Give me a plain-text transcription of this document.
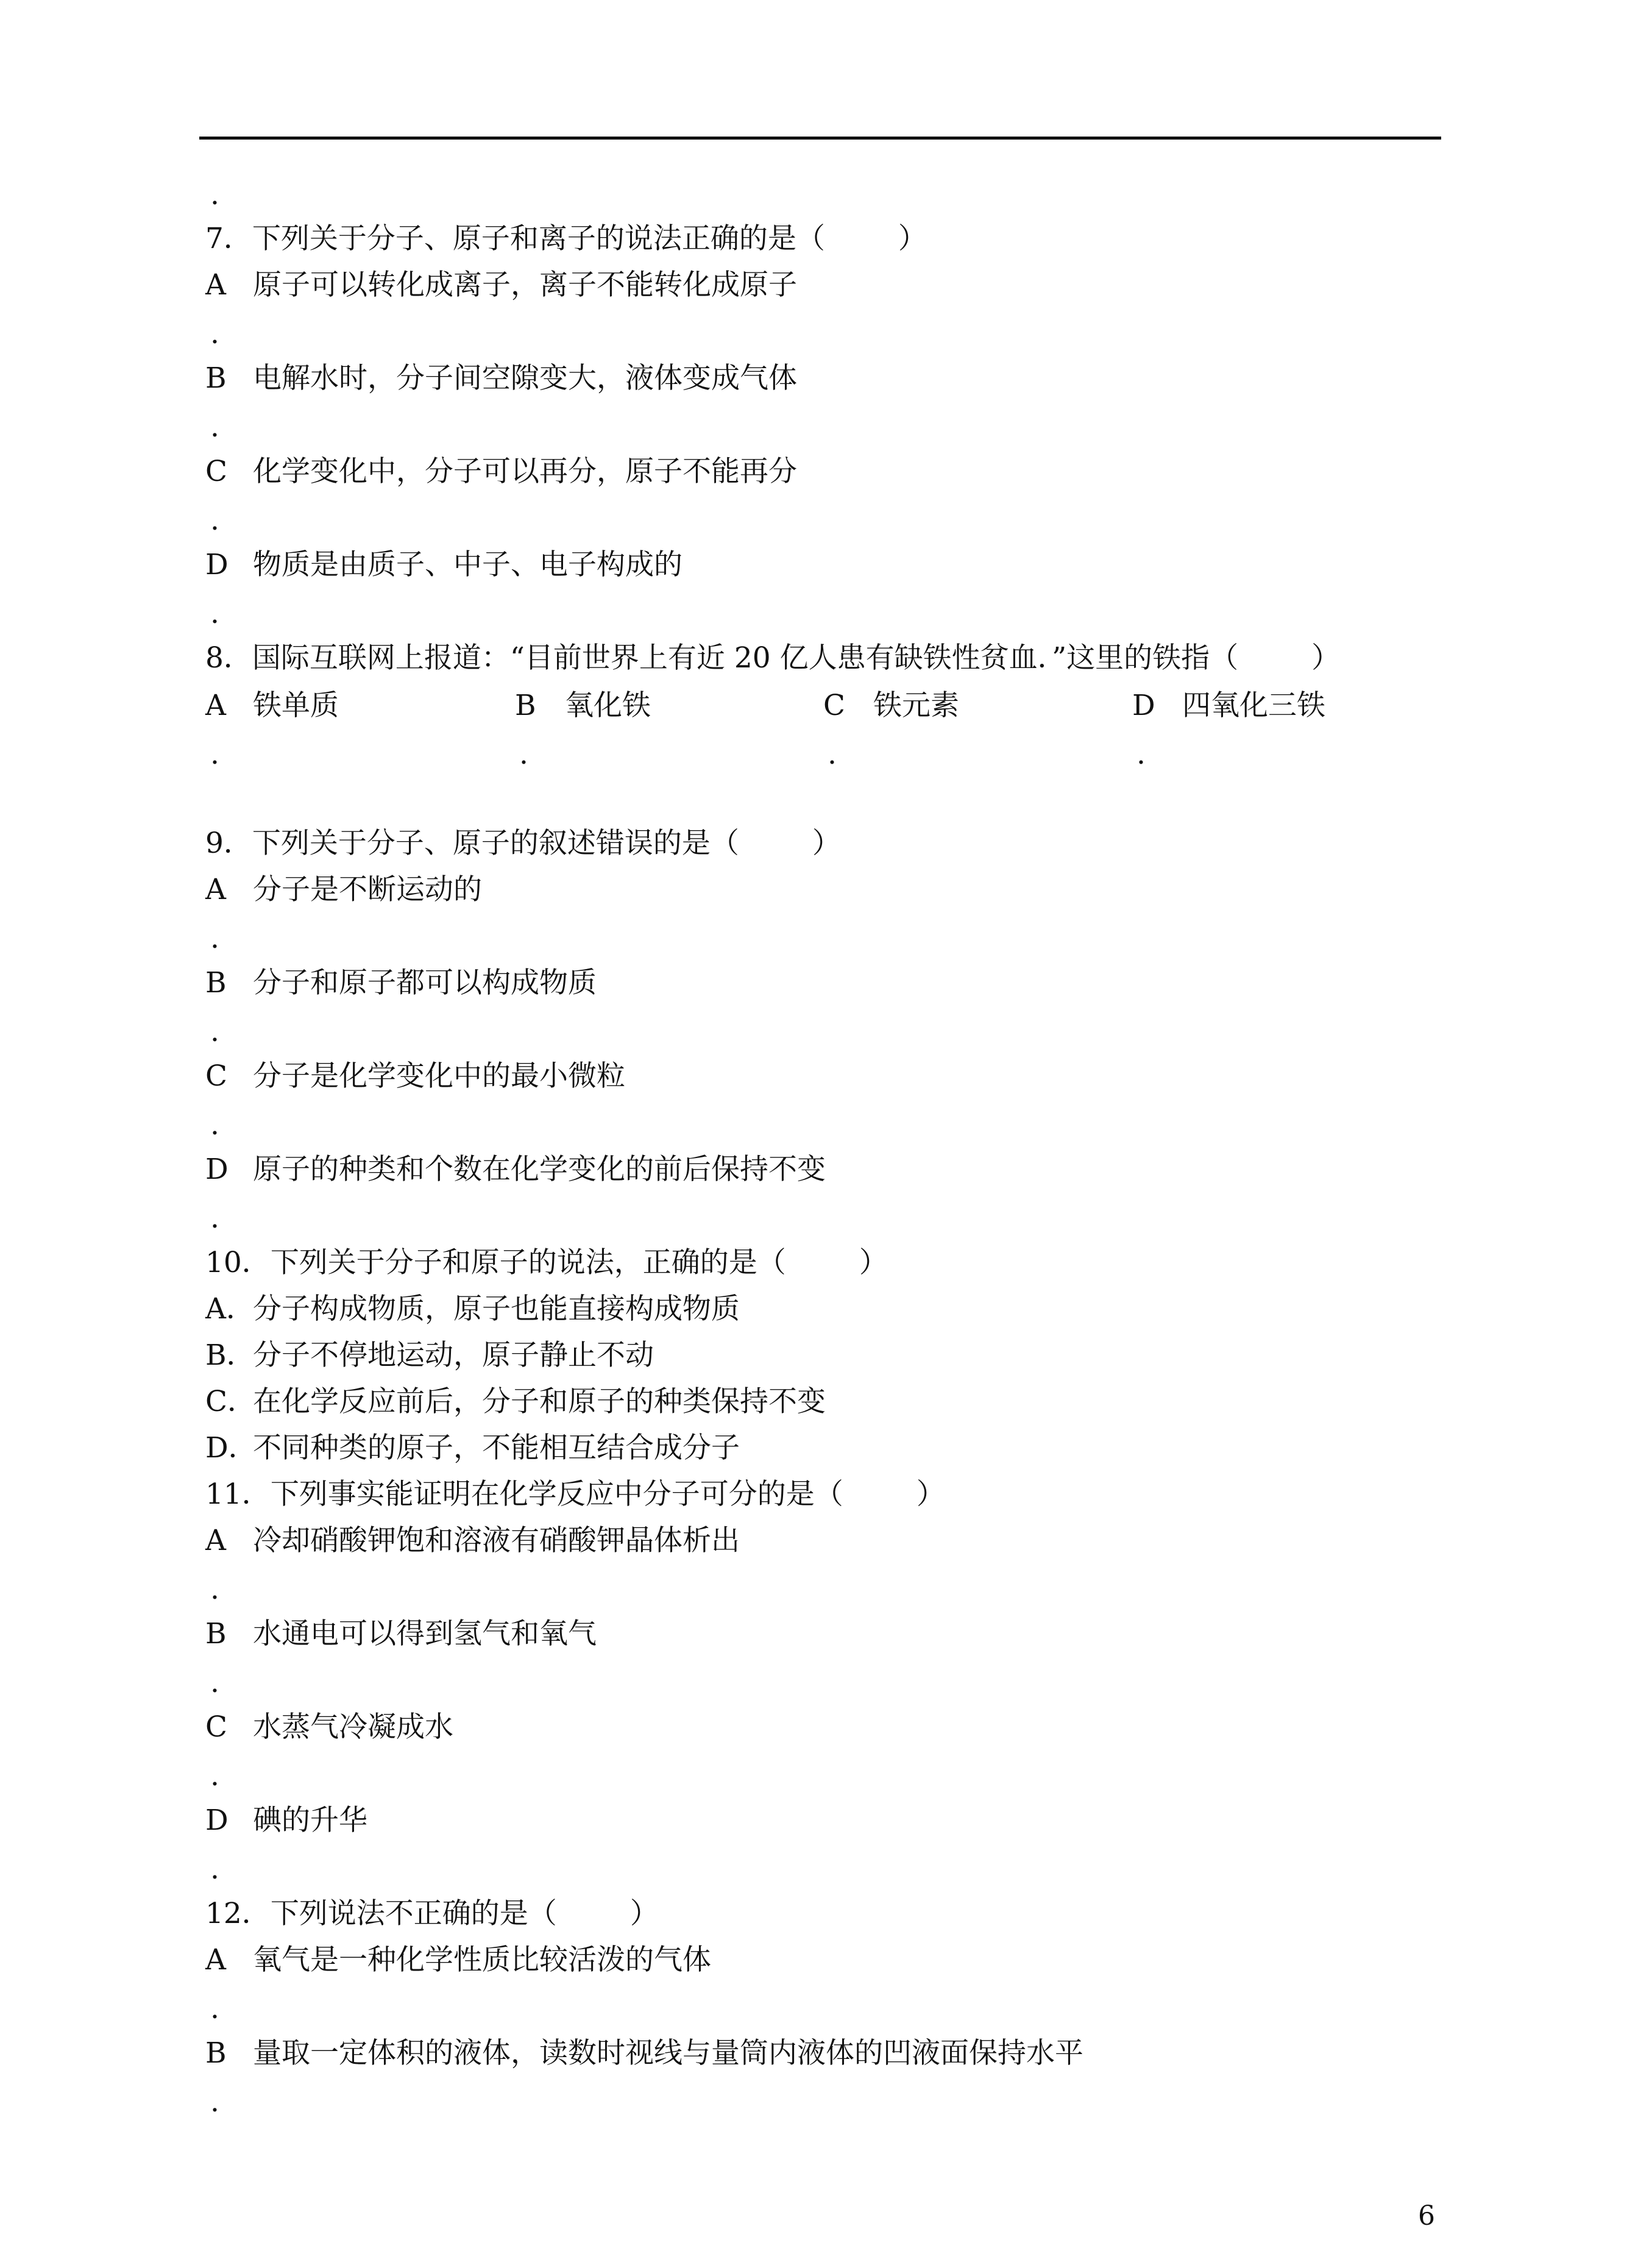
.
7．下列关于分子、原子和离子的说法正确的是（	）
A 原子可以转化成离子，离子不能转化成原子
.
B 电解水时，分子间空隙变大，液体变成气体
.
C 化学变化中，分子可以再分，原子不能再分
.
D 物质是由质子、中子、电子构成的
.
8．国际互联网上报道：“目前世界上有近 20 亿人患有缺铁性贫血．”这里的铁指（	）
A 铁单质	B 氧化铁	C 铁元素	D 四氧化三铁
.	.	.	.
9．下列关于分子、原子的叙述错误的是（	）
A 分子是不断运动的
.
B 分子和原子都可以构成物质
.
C 分子是化学变化中的最小微粒
.
D 原子的种类和个数在化学变化的前后保持不变
.
10．下列关于分子和原子的说法，正确的是（	）
A．分子构成物质，原子也能直接构成物质
B．分子不停地运动，原子静止不动
C．在化学反应前后，分子和原子的种类保持不变
D．不同种类的原子，不能相互结合成分子
11．下列事实能证明在化学反应中分子可分的是（	）
A 冷却硝酸钾饱和溶液有硝酸钾晶体析出
.
B 水通电可以得到氢气和氧气
.
C 水蒸气冷凝成水
.
D 碘的升华
.
12．下列说法不正确的是（	）
A 氧气是一种化学性质比较活泼的气体
.
B 量取一定体积的液体，读数时视线与量筒内液体的凹液面保持水平
.
6
